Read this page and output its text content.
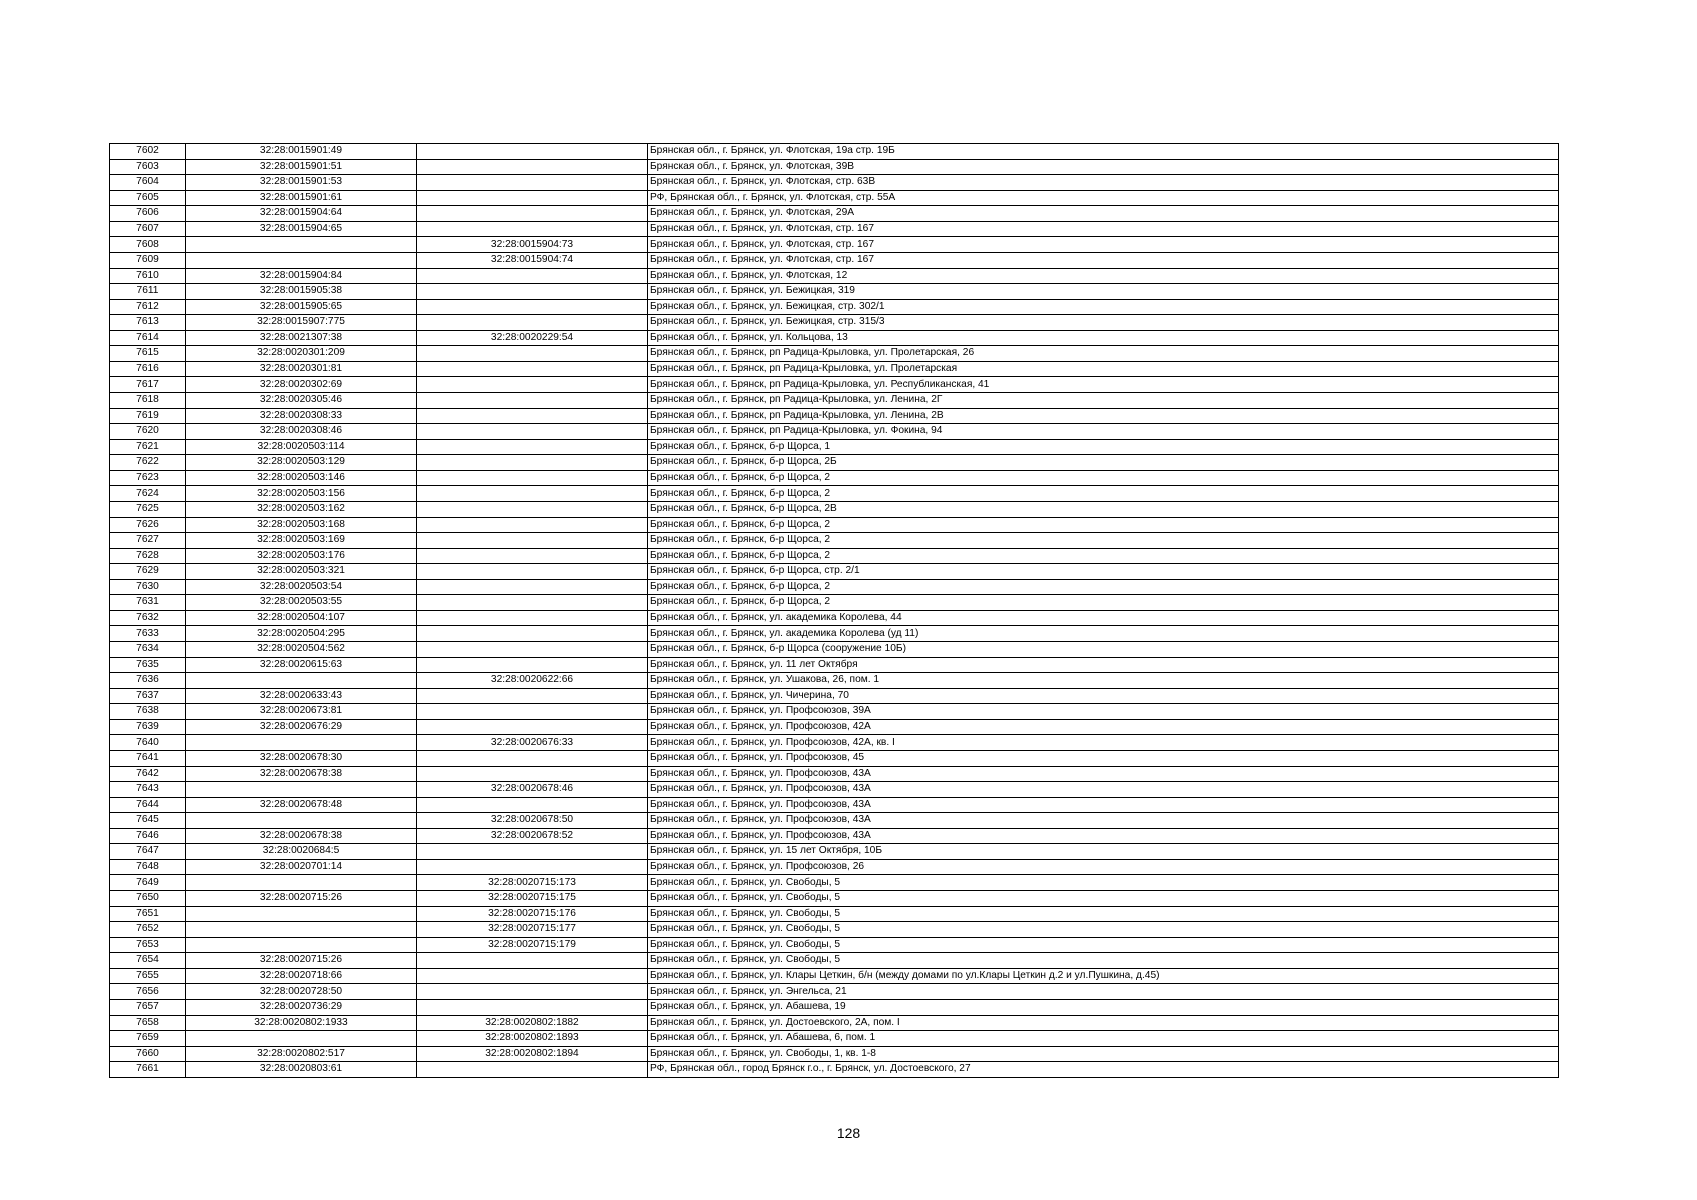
7602	32:28:0015901:49		Брянская обл., г. Брянск, ул. Флотская, 19а стр. 19Б
7603	32:28:0015901:51		Брянская обл., г. Брянск, ул. Флотская, 39В
7604	32:28:0015901:53		Брянская обл., г. Брянск, ул. Флотская, стр. 63В
7605	32:28:0015901:61		РФ, Брянская обл., г. Брянск, ул. Флотская, стр. 55А
7606	32:28:0015904:64		Брянская обл., г. Брянск, ул. Флотская, 29А
7607	32:28:0015904:65		Брянская обл., г. Брянск, ул. Флотская, стр. 167
7608		32:28:0015904:73	Брянская обл., г. Брянск, ул. Флотская, стр. 167
7609		32:28:0015904:74	Брянская обл., г. Брянск, ул. Флотская, стр. 167
7610	32:28:0015904:84		Брянская обл., г. Брянск, ул. Флотская, 12
7611	32:28:0015905:38		Брянская обл., г. Брянск, ул. Бежицкая, 319
7612	32:28:0015905:65		Брянская обл., г. Брянск, ул. Бежицкая, стр. 302/1
7613	32:28:0015907:775		Брянская обл., г. Брянск, ул. Бежицкая, стр. 315/3
7614	32:28:0021307:38	32:28:0020229:54	Брянская обл., г. Брянск, ул. Кольцова, 13
7615	32:28:0020301:209		Брянская обл., г. Брянск, рп Радица-Крыловка, ул. Пролетарская, 26
7616	32:28:0020301:81		Брянская обл., г. Брянск, рп Радица-Крыловка, ул. Пролетарская
7617	32:28:0020302:69		Брянская обл., г. Брянск, рп Радица-Крыловка, ул. Республиканская, 41
7618	32:28:0020305:46		Брянская обл., г. Брянск, рп Радица-Крыловка, ул. Ленина, 2Г
7619	32:28:0020308:33		Брянская обл., г. Брянск, рп Радица-Крыловка, ул. Ленина, 2В
7620	32:28:0020308:46		Брянская обл., г. Брянск, рп Радица-Крыловка, ул. Фокина, 94
7621	32:28:0020503:114		Брянская обл., г. Брянск, б-р Щорса, 1
7622	32:28:0020503:129		Брянская обл., г. Брянск, б-р Щорса, 2Б
7623	32:28:0020503:146		Брянская обл., г. Брянск, б-р Щорса, 2
7624	32:28:0020503:156		Брянская обл., г. Брянск, б-р Щорса, 2
7625	32:28:0020503:162		Брянская обл., г. Брянск, б-р Щорса, 2В
7626	32:28:0020503:168		Брянская обл., г. Брянск, б-р Щорса, 2
7627	32:28:0020503:169		Брянская обл., г. Брянск, б-р Щорса, 2
7628	32:28:0020503:176		Брянская обл., г. Брянск, б-р Щорса, 2
7629	32:28:0020503:321		Брянская обл., г. Брянск, б-р Щорса, стр. 2/1
7630	32:28:0020503:54		Брянская обл., г. Брянск, б-р Щорса, 2
7631	32:28:0020503:55		Брянская обл., г. Брянск, б-р Щорса, 2
7632	32:28:0020504:107		Брянская обл., г. Брянск, ул. академика Королева, 44
7633	32:28:0020504:295		Брянская обл., г. Брянск, ул. академика Королева (уд 11)
7634	32:28:0020504:562		Брянская обл., г. Брянск, б-р Щорса (сооружение 10Б)
7635	32:28:0020615:63		Брянская обл., г. Брянск, ул. 11 лет Октября
7636		32:28:0020622:66	Брянская обл., г. Брянск, ул. Ушакова, 26, пом. 1
7637	32:28:0020633:43		Брянская обл., г. Брянск, ул. Чичерина, 70
7638	32:28:0020673:81		Брянская обл., г. Брянск, ул. Профсоюзов, 39А
7639	32:28:0020676:29		Брянская обл., г. Брянск, ул. Профсоюзов, 42А
7640		32:28:0020676:33	Брянская обл., г. Брянск, ул. Профсоюзов, 42А, кв. I
7641	32:28:0020678:30		Брянская обл., г. Брянск, ул. Профсоюзов, 45
7642	32:28:0020678:38		Брянская обл., г. Брянск, ул. Профсоюзов, 43А
7643		32:28:0020678:46	Брянская обл., г. Брянск, ул. Профсоюзов, 43А
7644	32:28:0020678:48		Брянская обл., г. Брянск, ул. Профсоюзов, 43А
7645		32:28:0020678:50	Брянская обл., г. Брянск, ул. Профсоюзов, 43А
7646	32:28:0020678:38	32:28:0020678:52	Брянская обл., г. Брянск, ул. Профсоюзов, 43А
7647	32:28:0020684:5		Брянская обл., г. Брянск, ул. 15 лет Октября, 10Б
7648	32:28:0020701:14		Брянская обл., г. Брянск, ул. Профсоюзов, 26
7649		32:28:0020715:173	Брянская обл., г. Брянск, ул. Свободы, 5
7650	32:28:0020715:26	32:28:0020715:175	Брянская обл., г. Брянск, ул. Свободы, 5
7651		32:28:0020715:176	Брянская обл., г. Брянск, ул. Свободы, 5
7652		32:28:0020715:177	Брянская обл., г. Брянск, ул. Свободы, 5
7653		32:28:0020715:179	Брянская обл., г. Брянск, ул. Свободы, 5
7654	32:28:0020715:26		Брянская обл., г. Брянск, ул. Свободы, 5
7655	32:28:0020718:66		Брянская обл., г. Брянск, ул. Клары Цеткин, б/н (между домами по ул.Клары Цеткин д.2 и ул.Пушкина, д.45)
7656	32:28:0020728:50		Брянская обл., г. Брянск, ул. Энгельса, 21
7657	32:28:0020736:29		Брянская обл., г. Брянск, ул. Абашева, 19
7658	32:28:0020802:1933	32:28:0020802:1882	Брянская обл., г. Брянск, ул. Достоевского, 2А, пом. I
7659		32:28:0020802:1893	Брянская обл., г. Брянск, ул. Абашева, 6, пом. 1
7660	32:28:0020802:517	32:28:0020802:1894	Брянская обл., г. Брянск, ул. Свободы, 1, кв. 1-8
7661	32:28:0020803:61		РФ, Брянская обл., город Брянск г.о., г. Брянск, ул. Достоевского, 27
128
